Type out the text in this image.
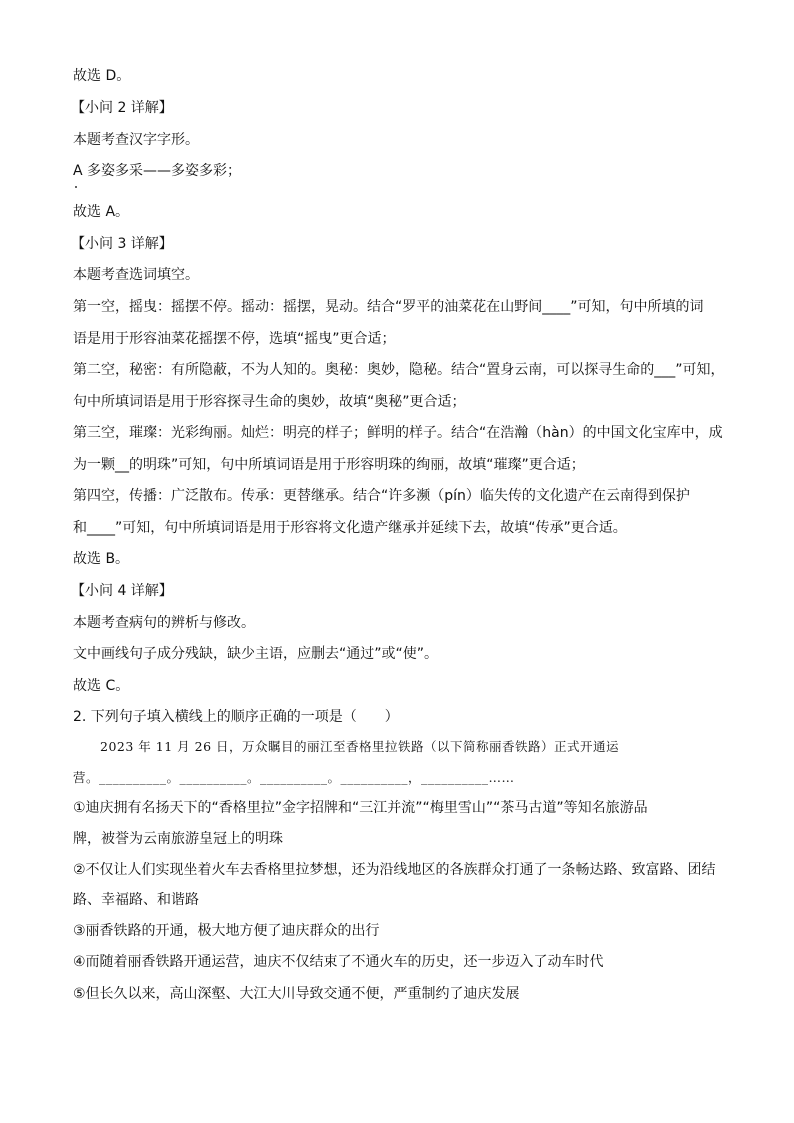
故选 D。
【小问 2 详解】
本题考查汉字字形。
A 多姿多采——多姿多彩；
故选 A。
【小问 3 详解】
本题考查选词填空。
第一空，摇曳：摇摆不停。摇动：摇摆，晃动。结合“罗平的油菜花在山野间____”可知，句中所填的词
语是用于形容油菜花摇摆不停，选填“摇曳”更合适；
第二空，秘密：有所隐蔽，不为人知的。奥秘：奥妙，隐秘。结合“置身云南，可以探寻生命的___”可知，
句中所填词语是用于形容探寻生命的奥妙，故填“奥秘”更合适；
第三空，璀璨：光彩绚丽。灿烂：明亮的样子；鲜明的样子。结合“在浩瀚（hàn）的中国文化宝库中，成
为一颗__的明珠”可知，句中所填词语是用于形容明珠的绚丽，故填“璀璨”更合适；
第四空，传播：广泛散布。传承：更替继承。结合“许多濒（pín）临失传的文化遗产在云南得到保护
和____”可知，句中所填词语是用于形容将文化遗产继承并延续下去，故填“传承”更合适。
故选 B。
【小问 4 详解】
本题考查病句的辨析与修改。
文中画线句子成分残缺，缺少主语，应删去“通过”或“使”。
故选 C。
2. 下列句子填入横线上的顺序正确的一项是（　　）
2023 年 11 月 26 日，万众瞩目的丽江至香格里拉铁路（以下简称丽香铁路）正式开通运
营。__________。__________。__________。__________，__________……
①迪庆拥有名扬天下的“香格里拉”金字招牌和“三江并流”“梅里雪山”“茶马古道”等知名旅游品
牌，被誉为云南旅游皇冠上的明珠
②不仅让人们实现坐着火车去香格里拉梦想，还为沿线地区的各族群众打通了一条畅达路、致富路、团结
路、幸福路、和谐路
③丽香铁路的开通，极大地方便了迪庆群众的出行
④而随着丽香铁路开通运营，迪庆不仅结束了不通火车的历史，还一步迈入了动车时代
⑤但长久以来，高山深壑、大江大川导致交通不便，严重制约了迪庆发展
